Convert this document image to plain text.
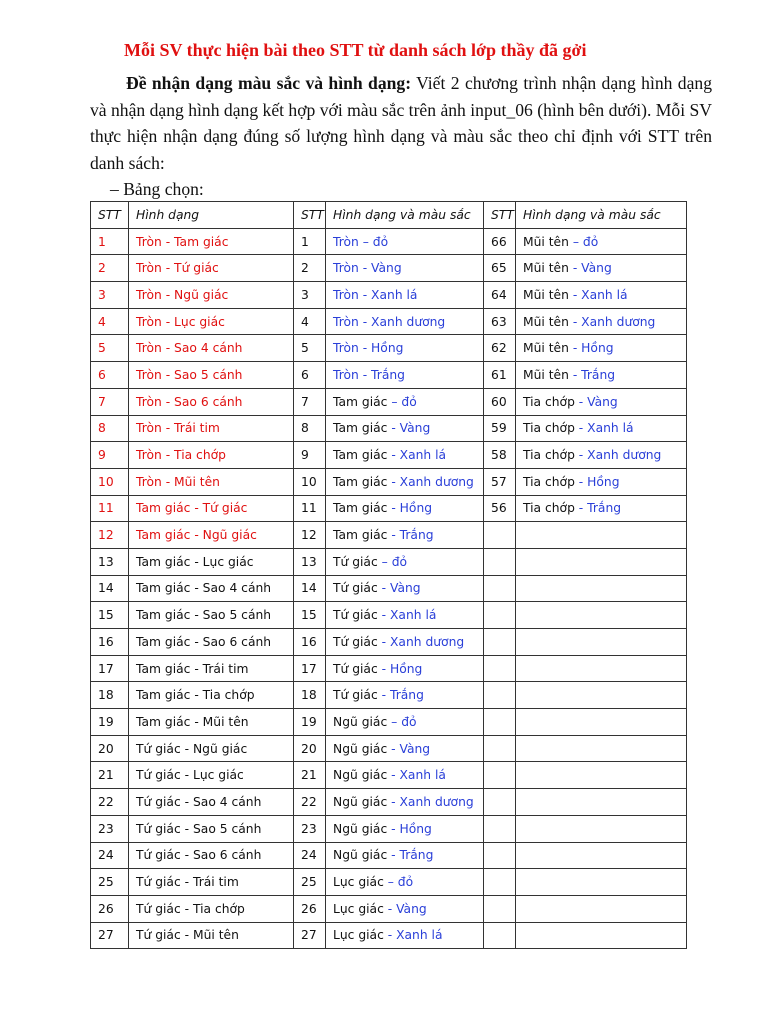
Mỗi SV thực hiện bài theo STT từ danh sách lớp thầy đã gởi
Đề nhận dạng màu sắc và hình dạng: Viết 2 chương trình nhận dạng hình dạng và nhận dạng hình dạng kết hợp với màu sắc trên ảnh input_06 (hình bên dưới). Mỗi SV thực hiện nhận dạng đúng số lượng hình dạng và màu sắc theo chỉ định với STT trên danh sách:
– Bảng chọn:
STT	Hình dạng	STT	Hình dạng và màu sắc	STT	Hình dạng và màu sắc
1	Tròn - Tam giác	1	Tròn – đỏ	66	Mũi tên – đỏ
2	Tròn - Tứ giác	2	Tròn - Vàng	65	Mũi tên - Vàng
3	Tròn - Ngũ giác	3	Tròn - Xanh lá	64	Mũi tên - Xanh lá
4	Tròn - Lục giác	4	Tròn - Xanh dương	63	Mũi tên - Xanh dương
5	Tròn - Sao 4 cánh	5	Tròn - Hồng	62	Mũi tên - Hồng
6	Tròn - Sao 5 cánh	6	Tròn - Trắng	61	Mũi tên - Trắng
7	Tròn - Sao 6 cánh	7	Tam giác – đỏ	60	Tia chớp - Vàng
8	Tròn - Trái tim	8	Tam giác - Vàng	59	Tia chớp - Xanh lá
9	Tròn - Tia chớp	9	Tam giác - Xanh lá	58	Tia chớp - Xanh dương
10	Tròn - Mũi tên	10	Tam giác - Xanh dương	57	Tia chớp - Hồng
11	Tam giác - Tứ giác	11	Tam giác - Hồng	56	Tia chớp - Trắng
12	Tam giác - Ngũ giác	12	Tam giác - Trắng		
13	Tam giác - Lục giác	13	Tứ giác – đỏ		
14	Tam giác - Sao 4 cánh	14	Tứ giác - Vàng		
15	Tam giác - Sao 5 cánh	15	Tứ giác - Xanh lá		
16	Tam giác - Sao 6 cánh	16	Tứ giác - Xanh dương		
17	Tam giác - Trái tim	17	Tứ giác - Hồng		
18	Tam giác - Tia chớp	18	Tứ giác - Trắng		
19	Tam giác - Mũi tên	19	Ngũ giác – đỏ		
20	Tứ giác - Ngũ giác	20	Ngũ giác - Vàng		
21	Tứ giác - Lục giác	21	Ngũ giác - Xanh lá		
22	Tứ giác - Sao 4 cánh	22	Ngũ giác - Xanh dương		
23	Tứ giác - Sao 5 cánh	23	Ngũ giác - Hồng		
24	Tứ giác - Sao 6 cánh	24	Ngũ giác - Trắng		
25	Tứ giác - Trái tim	25	Lục giác – đỏ		
26	Tứ giác - Tia chớp	26	Lục giác - Vàng		
27	Tứ giác - Mũi tên	27	Lục giác - Xanh lá		
